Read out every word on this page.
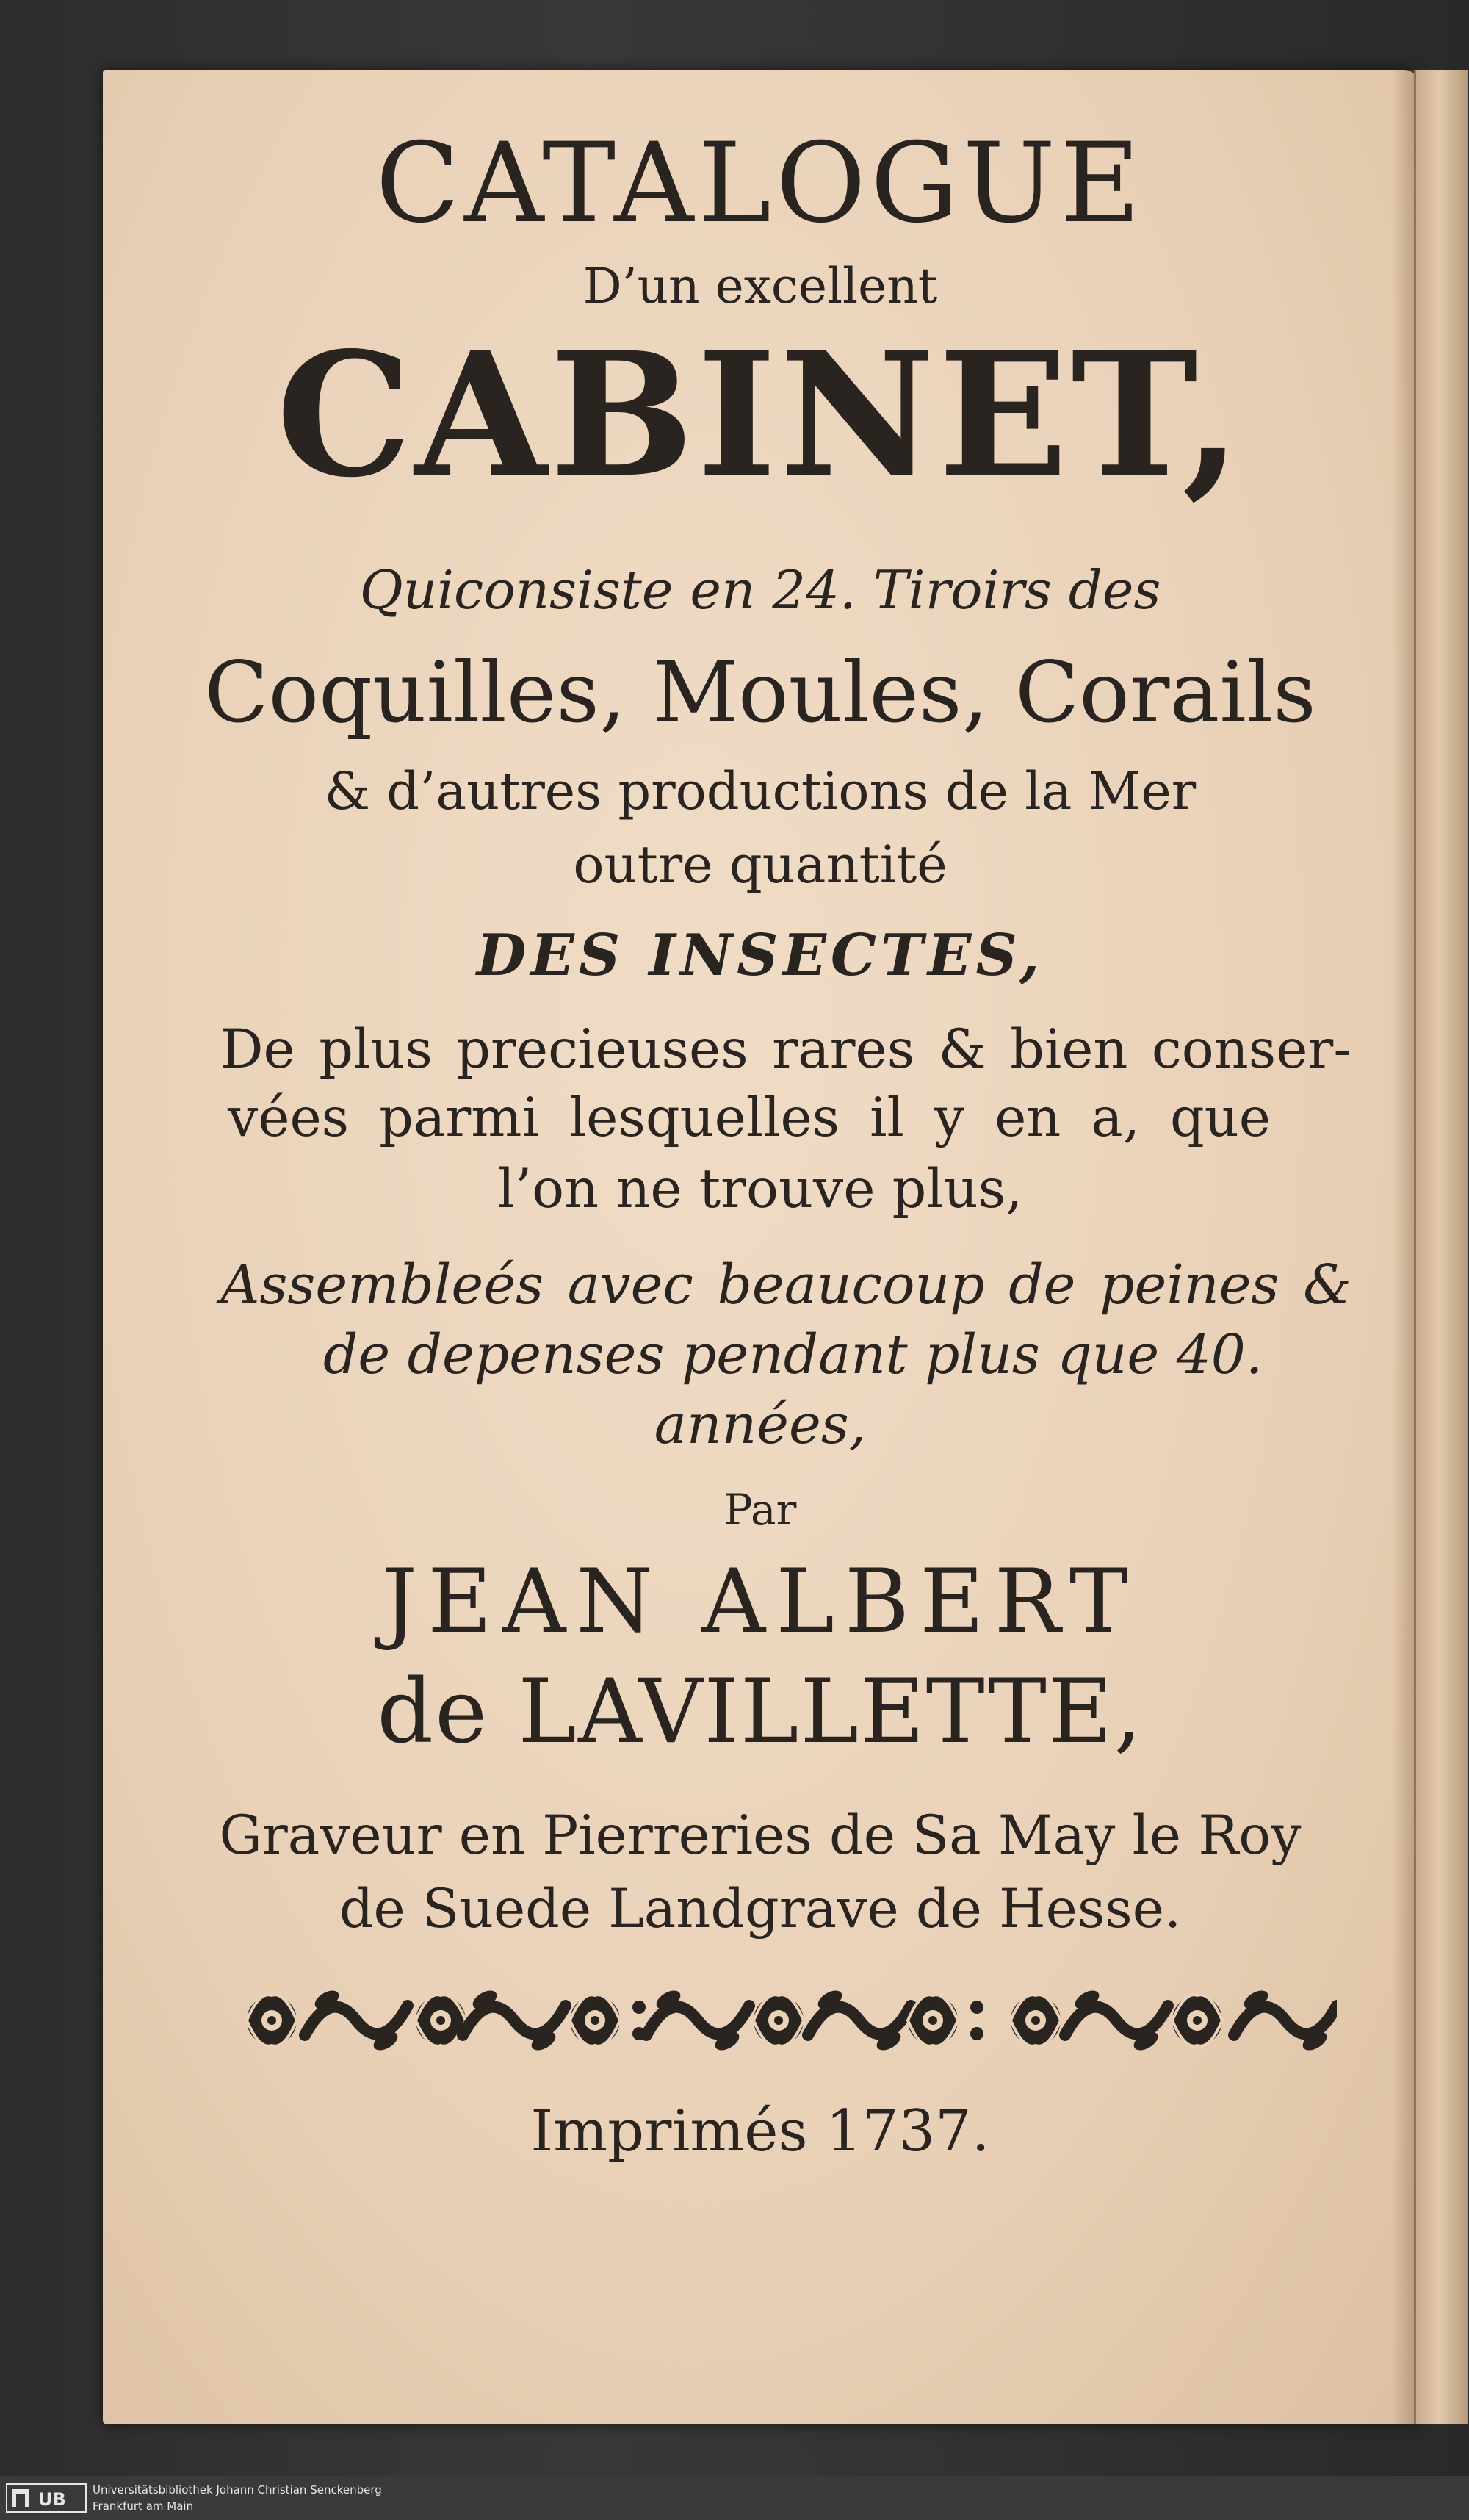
CATALOGUE

D’un excellent

CABINET,

Quiconsiste en 24. Tiroirs des

Coquilles, Moules, Corails

& d’autres productions de la Mer

outre quantité

DES INSECTES,

De plus precieuses rares & bien conser-

vées parmi lesquelles il y en a, que

l’on ne trouve plus,

Assembleés avec beaucoup de peines &

de depenses pendant plus que 40.

années,

Par

JEAN ALBERT

de LAVILLETTE,

Graveur en Pierreries de Sa May le Roy

de Suede Landgrave de Hesse.

Imprimés 1737.

UB Universitätsbibliothek Johann Christian Senckenberg
Frankfurt am Main
